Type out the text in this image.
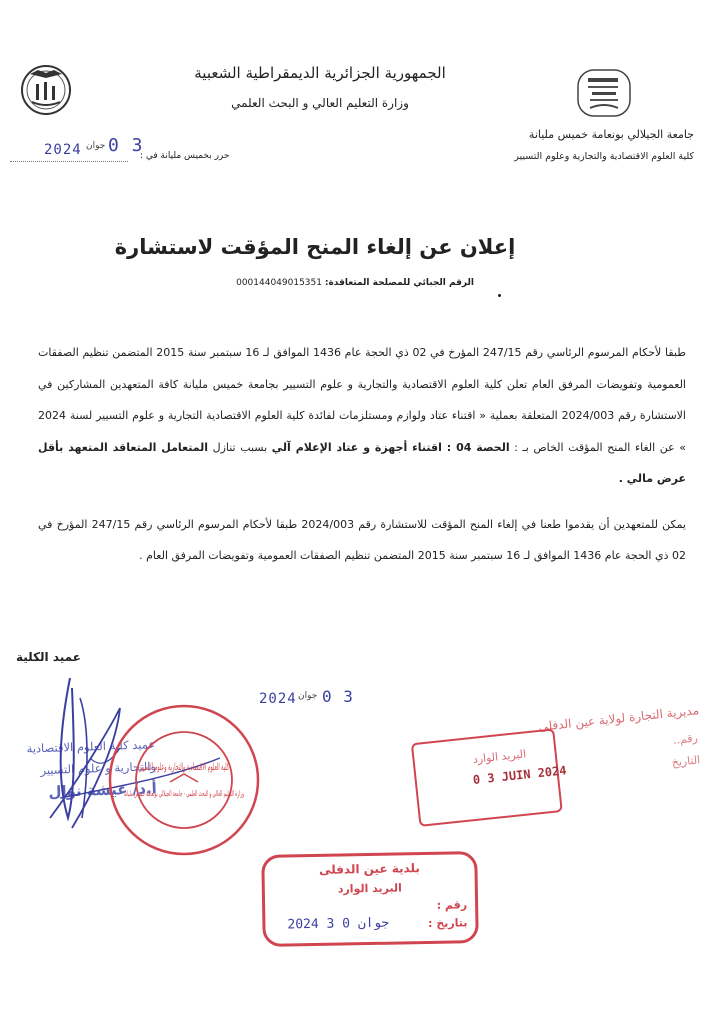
الجمهورية الجزائرية الديمقراطية الشعبية
وزارة التعليم العالي و البحث العلمي
جامعة الجيلالي بونعامة خميس مليانة
كلية العلوم الاقتصادية والتجارية وعلوم التسيير
حرر بخميس مليانة في :
2024 جوان 0 3
إعلان عن إلغاء المنح المؤقت لاستشارة
الرقم الجبائي للمصلحة المتعاقدة: 000144049015351

طبقا لأحكام المرسوم الرئاسي رقم 247/15 المؤرخ في 02 ذي الحجة عام 1436 الموافق لـ 16 سبتمبر سنة 2015 المتضمن تنظيم الصفقات العمومية وتفويضات المرفق العام تعلن كلية العلوم الاقتصادية والتجارية و علوم التسيير بجامعة خميس مليانة كافة المتعهدين المشاركين في الاستشارة رقم 2024/003 المتعلقة بعملية « اقتناء عتاد ولوازم ومستلزمات لفائدة كلية العلوم الاقتصادية التجارية و علوم التسيير لسنة 2024 » عن الغاء المنح المؤقت الخاص بـ : الحصة 04 : اقتناء أجهزة و عتاد الإعلام آلي بسبب تنازل المتعامل المتعاقد المتعهد بأقل عرض مالي .

يمكن للمتعهدين أن يقدموا طعنا في إلغاء المنح المؤقت للاستشارة رقم 2024/003 طبقا لأحكام المرسوم الرئاسي رقم 247/15 المؤرخ في 02 ذي الحجة عام 1436 الموافق لـ 16 سبتمبر سنة 2015 المتضمن تنظيم الصفقات العمومية وتفويضات المرفق العام .

عميد الكلية
2024 جوان 0 3
عميد كلية العلوم الاقتصادية
والتجارية و علوم التسيير
أ.د/ عيشة نوال
كلية العلوم الاقتصادية والتجارية وعلوم التسيير
وزارة التعليم العالي و البحث العلمي - جامعة الجيلالي بونعامة خميس مليانة
مديرية التجارة لولاية عين الدفلى
البريد الوارد
رقم..
التاريخ
0 3 JUIN 2024
بلدية عين الدفلى
البريد الوارد
رقم :
بتاريخ :
2024 جوان 0 3
